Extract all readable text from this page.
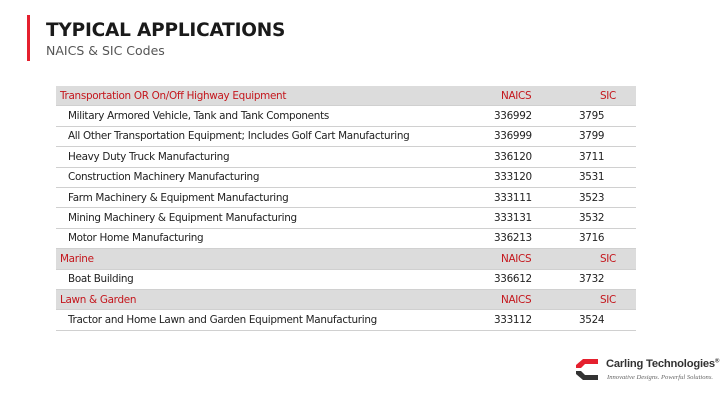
TYPICAL APPLICATIONS
NAICS & SIC Codes
Transportation OR On/Off Highway Equipment	NAICS	SIC
Military Armored Vehicle, Tank and Tank Components	336992	3795
All Other Transportation Equipment; Includes Golf Cart Manufacturing	336999	3799
Heavy Duty Truck Manufacturing	336120	3711
Construction Machinery Manufacturing	333120	3531
Farm Machinery & Equipment Manufacturing	333111	3523
Mining Machinery & Equipment Manufacturing	333131	3532
Motor Home Manufacturing	336213	3716
Marine	NAICS	SIC
Boat Building	336612	3732
Lawn & Garden	NAICS	SIC
Tractor and Home Lawn and Garden Equipment Manufacturing	333112	3524
Carling Technologies®
Innovative Designs. Powerful Solutions.
